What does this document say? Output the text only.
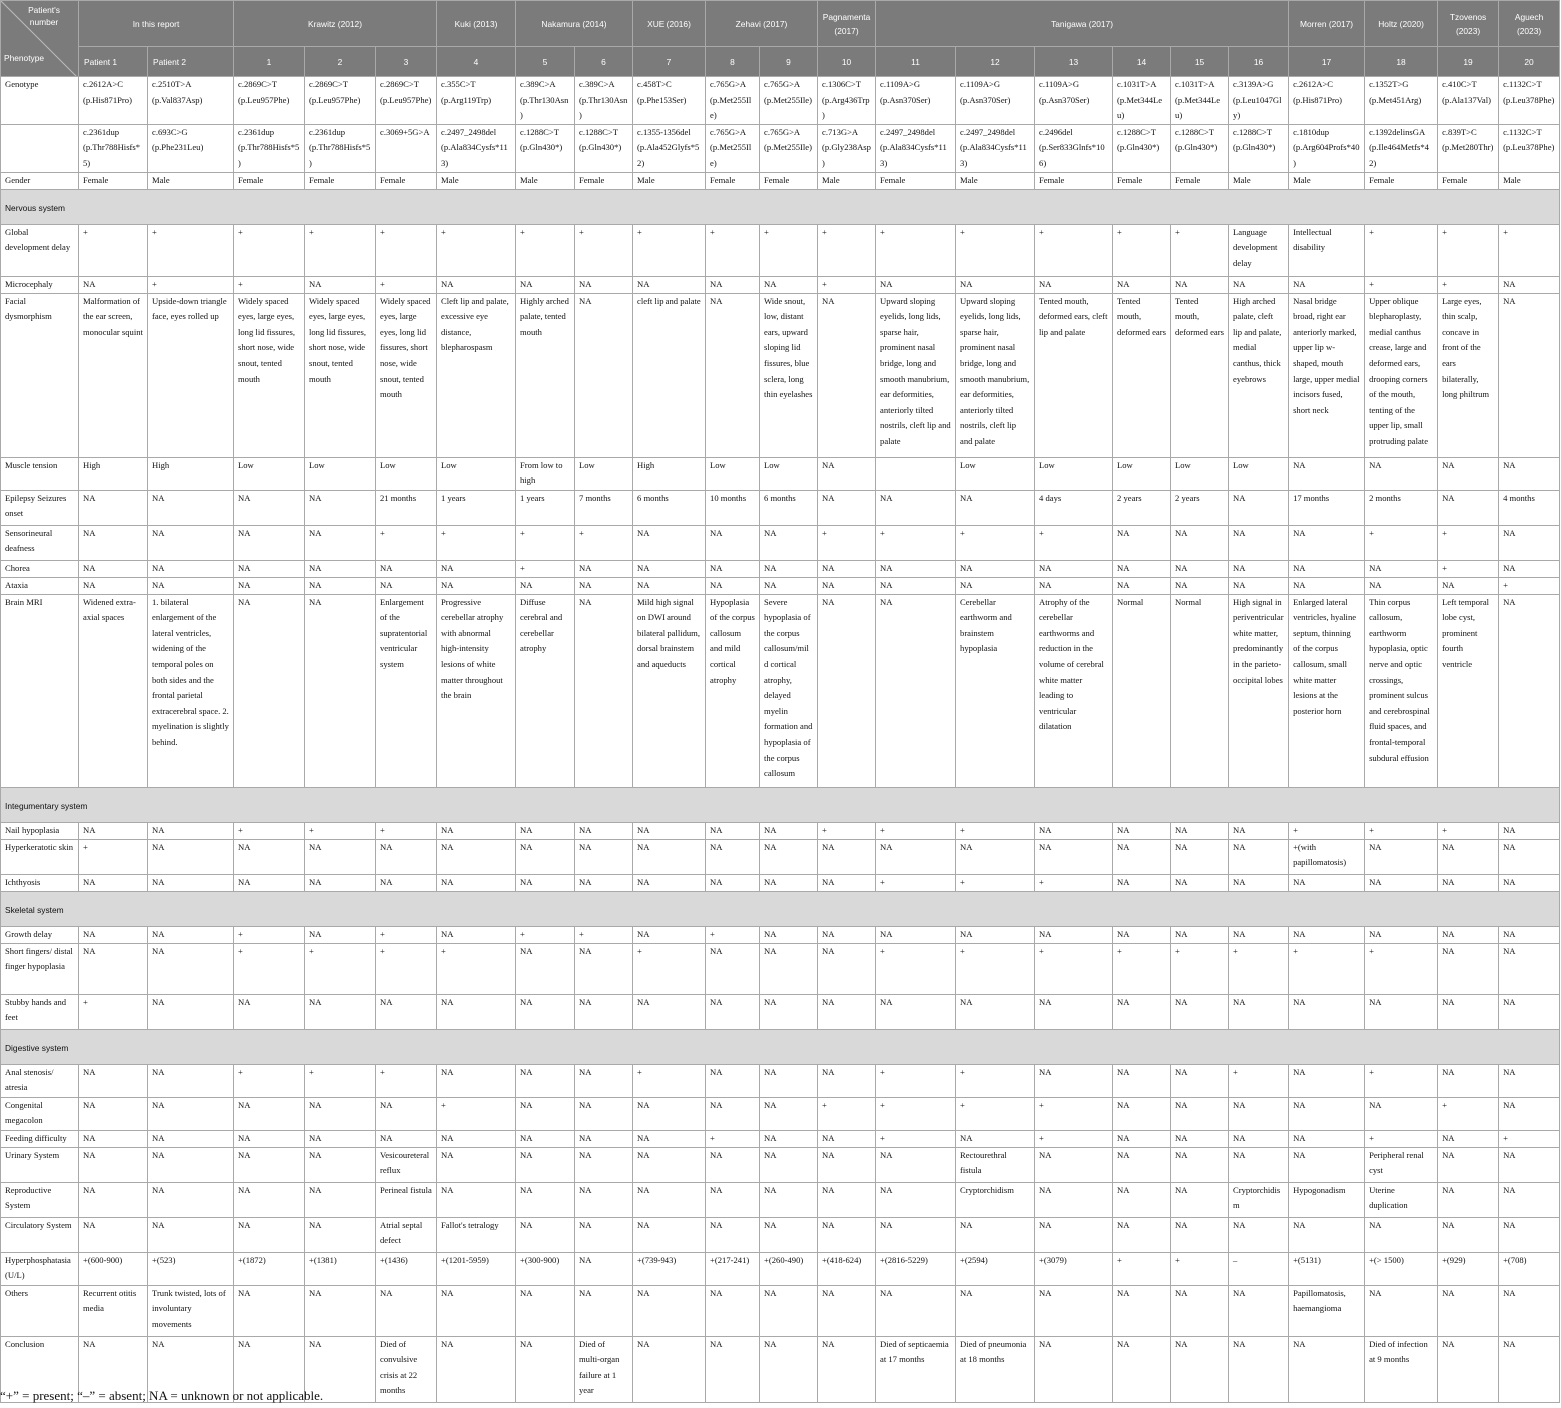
Patient's number
Phenotype	In this report		Krawitz (2012)			Kuki (2013)	Nakamura (2014)		XUE (2016)	Zehavi (2017)		Pagnamenta (2017)	Tanigawa (2017)						Morren (2017)	Holtz (2020)	Tzovenos (2023)	Aguech (2023)
	Patient 1	Patient 2	1	2	3	4	5	6	7	8	9	10	11	12	13	14	15	16	17	18	19	20
Genotype	c.2612A>C (p.His871Pro)	c.2510T>A (p.Val837Asp)	c.2869C>T (p.Leu957Phe)	c.2869C>T (p.Leu957Phe)	c.2869C>T (p.Leu957Phe)	c.355C>T (p.Arg119Trp)	c.389C>A (p.Thr130Asn)	c.389C>A (p.Thr130Asn)	c.458T>C (p.Phe153Ser)	c.765G>A (p.Met255Ile)	c.765G>A (p.Met255Ile)	c.1306C>T (p.Arg436Trp)	c.1109A>G (p.Asn370Ser)	c.1109A>G (p.Asn370Ser)	c.1109A>G (p.Asn370Ser)	c.1031T>A (p.Met344Leu)	c.1031T>A (p.Met344Leu)	c.3139A>G (p.Leu1047Gly)	c.2612A>C (p.His871Pro)	c.1352T>G (p.Met451Arg)	c.410C>T (p.Ala137Val)	c.1132C>T (p.Leu378Phe)
	c.2361dup (p.Thr788Hisfs*5)	c.693C>G (p.Phe231Leu)	c.2361dup (p.Thr788Hisfs*5)	c.2361dup (p.Thr788Hisfs*5)	c.3069+5G>A	c.2497_2498del (p.Ala834Cysfs*113)	c.1288C>T (p.Gln430*)	c.1288C>T (p.Gln430*)	c.1355-1356del (p.Ala452Glyfs*52)	c.765G>A (p.Met255Ile)	c.765G>A (p.Met255Ile)	c.713G>A (p.Gly238Asp)	c.2497_2498del (p.Ala834Cysfs*113)	c.2497_2498del (p.Ala834Cysfs*113)	c.2496del (p.Ser833Glnfs*106)	c.1288C>T (p.Gln430*)	c.1288C>T (p.Gln430*)	c.1288C>T (p.Gln430*)	c.1810dup (p.Arg604Profs*40)	c.1392delinsGA (p.Ile464Metfs*42)	c.839T>C (p.Met280Thr)	c.1132C>T (p.Leu378Phe)
Gender	Female	Male	Female	Female	Female	Male	Male	Female	Male	Female	Female	Male	Female	Male	Female	Female	Female	Male	Male	Female	Female	Male
Nervous system																						
Global development delay	+	+	+	+	+	+	+	+	+	+	+	+	+	+	+	+	+	Language development delay	Intellectual disability	+	+	+
Microcephaly	NA	+	+	NA	+	NA	NA	NA	NA	NA	NA	+	NA	NA	NA	NA	NA	NA	NA	+	+	NA
Facial dysmorphism	Malformation of the ear screen, monocular squint	Upside-down triangle face, eyes rolled up	Widely spaced eyes, large eyes, long lid fissures, short nose, wide snout, tented mouth	Widely spaced eyes, large eyes, long lid fissures, short nose, wide snout, tented mouth	Widely spaced eyes, large eyes, long lid fissures, short nose, wide snout, tented mouth	Cleft lip and palate, excessive eye distance, blepharospasm	Highly arched palate, tented mouth	NA	cleft lip and palate	NA	Wide snout, low, distant ears, upward sloping lid fissures, blue sclera, long thin eyelashes	NA	Upward sloping eyelids, long lids, sparse hair, prominent nasal bridge, long and smooth manubrium, ear deformities, anteriorly tilted nostrils, cleft lip and palate	Upward sloping eyelids, long lids, sparse hair, prominent nasal bridge, long and smooth manubrium, ear deformities, anteriorly tilted nostrils, cleft lip and palate	Tented mouth, deformed ears, cleft lip and palate	Tented mouth, deformed ears	Tented mouth, deformed ears	High arched palate, cleft lip and palate, medial canthus, thick eyebrows	Nasal bridge broad, right ear anteriorly marked, upper lip w-shaped, mouth large, upper medial incisors fused, short neck	Upper oblique blepharoplasty, medial canthus crease, large and deformed ears, drooping corners of the mouth, tenting of the upper lip, small protruding palate	Large eyes, thin scalp, concave in front of the ears bilaterally, long philtrum	NA
Muscle tension	High	High	Low	Low	Low	Low	From low to high	Low	High	Low	Low	NA		Low	Low	Low	Low	Low	NA	NA	NA	NA
Epilepsy Seizures onset	NA	NA	NA	NA	21 months	1 years	1 years	7 months	6 months	10 months	6 months	NA	NA	NA	4 days	2 years	2 years	NA	17 months	2 months	NA	4 months
Sensorineural deafness	NA	NA	NA	NA	+	+	+	+	NA	NA	NA	+	+	+	+	NA	NA	NA	NA	+	+	NA
Chorea	NA	NA	NA	NA	NA	NA	+	NA	NA	NA	NA	NA	NA	NA	NA	NA	NA	NA	NA	NA	+	NA
Ataxia	NA	NA	NA	NA	NA	NA	NA	NA	NA	NA	NA	NA	NA	NA	NA	NA	NA	NA	NA	NA	NA	+
Brain MRI	Widened extra-axial spaces	1. bilateral enlargement of the lateral ventricles, widening of the temporal poles on both sides and the frontal parietal extracerebral space. 2. myelination is slightly behind.	NA	NA	Enlargement of the supratentorial ventricular system	Progressive cerebellar atrophy with abnormal high-intensity lesions of white matter throughout the brain	Diffuse cerebral and cerebellar atrophy	NA	Mild high signal on DWI around bilateral pallidum, dorsal brainstem and aqueducts	Hypoplasia of the corpus callosum and mild cortical atrophy	Severe hypoplasia of the corpus callosum/mild cortical atrophy, delayed myelin formation and hypoplasia of the corpus callosum	NA	NA	Cerebellar earthworm and brainstem hypoplasia	Atrophy of the cerebellar earthworms and reduction in the volume of cerebral white matter leading to ventricular dilatation	Normal	Normal	High signal in periventricular white matter, predominantly in the parieto-occipital lobes	Enlarged lateral ventricles, hyaline septum, thinning of the corpus callosum, small white matter lesions at the posterior horn	Thin corpus callosum, earthworm hypoplasia, optic nerve and optic crossings, prominent sulcus and cerebrospinal fluid spaces, and frontal-temporal subdural effusion	Left temporal lobe cyst, prominent fourth ventricle	NA
Integumentary system																						
Nail hypoplasia	NA	NA	+	+	+	NA	NA	NA	NA	NA	NA	+	+	+	NA	NA	NA	NA	+	+	+	NA
Hyperkeratotic skin	+	NA	NA	NA	NA	NA	NA	NA	NA	NA	NA	NA	NA	NA	NA	NA	NA	NA	+(with papillomatosis)	NA	NA	NA
Ichthyosis	NA	NA	NA	NA	NA	NA	NA	NA	NA	NA	NA	NA	+	+	+	NA	NA	NA	NA	NA	NA	NA
Skeletal system																						
Growth delay	NA	NA	+	NA	+	NA	+	+	NA	+	NA	NA	NA	NA	NA	NA	NA	NA	NA	NA	NA	NA
Short fingers/ distal finger hypoplasia	NA	NA	+	+	+	+	NA	NA	+	NA	NA	NA	+	+	+	+	+	+	+	+	NA	NA
Stubby hands and feet	+	NA	NA	NA	NA	NA	NA	NA	NA	NA	NA	NA	NA	NA	NA	NA	NA	NA	NA	NA	NA	NA
Digestive system																						
Anal stenosis/ atresia	NA	NA	+	+	+	NA	NA	NA	+	NA	NA	NA	+	+	NA	NA	NA	+	NA	+	NA	NA
Congenital megacolon	NA	NA	NA	NA	NA	+	NA	NA	NA	NA	NA	+	+	+	+	NA	NA	NA	NA	NA	+	NA
Feeding difficulty	NA	NA	NA	NA	NA	NA	NA	NA	NA	+	NA	NA	+	NA	+	NA	NA	NA	NA	+	NA	+
Urinary System	NA	NA	NA	NA	Vesicoureteral reflux	NA	NA	NA	NA	NA	NA	NA	NA	Rectourethral fistula	NA	NA	NA	NA	NA	Peripheral renal cyst	NA	NA
Reproductive System	NA	NA	NA	NA	Perineal fistula	NA	NA	NA	NA	NA	NA	NA	NA	Cryptorchidism	NA	NA	NA	Cryptorchidism	Hypogonadism	Uterine duplication	NA	NA
Circulatory System	NA	NA	NA	NA	Atrial septal defect	Fallot's tetralogy	NA	NA	NA	NA	NA	NA	NA	NA	NA	NA	NA	NA	NA	NA	NA	NA
Hyperphosphatasia (U/L)	+(600-900)	+(523)	+(1872)	+(1381)	+(1436)	+(1201-5959)	+(300-900)	NA	+(739-943)	+(217-241)	+(260-490)	+(418-624)	+(2816-5229)	+(2594)	+(3079)	+	+	–	+(5131)	+(> 1500)	+(929)	+(708)
Others	Recurrent otitis media	Trunk twisted, lots of involuntary movements	NA	NA	NA	NA	NA	NA	NA	NA	NA	NA	NA	NA	NA	NA	NA	NA	Papillomatosis, haemangioma	NA	NA	NA
Conclusion	NA	NA	NA	NA	Died of convulsive crisis at 22 months	NA	NA	Died of multi-organ failure at 1 year	NA	NA	NA	NA	Died of septicaemia at 17 months	Died of pneumonia at 18 months	NA	NA	NA	NA	NA	Died of infection at 9 months	NA	NA
“+” = present; “–” = absent; NA = unknown or not applicable.
